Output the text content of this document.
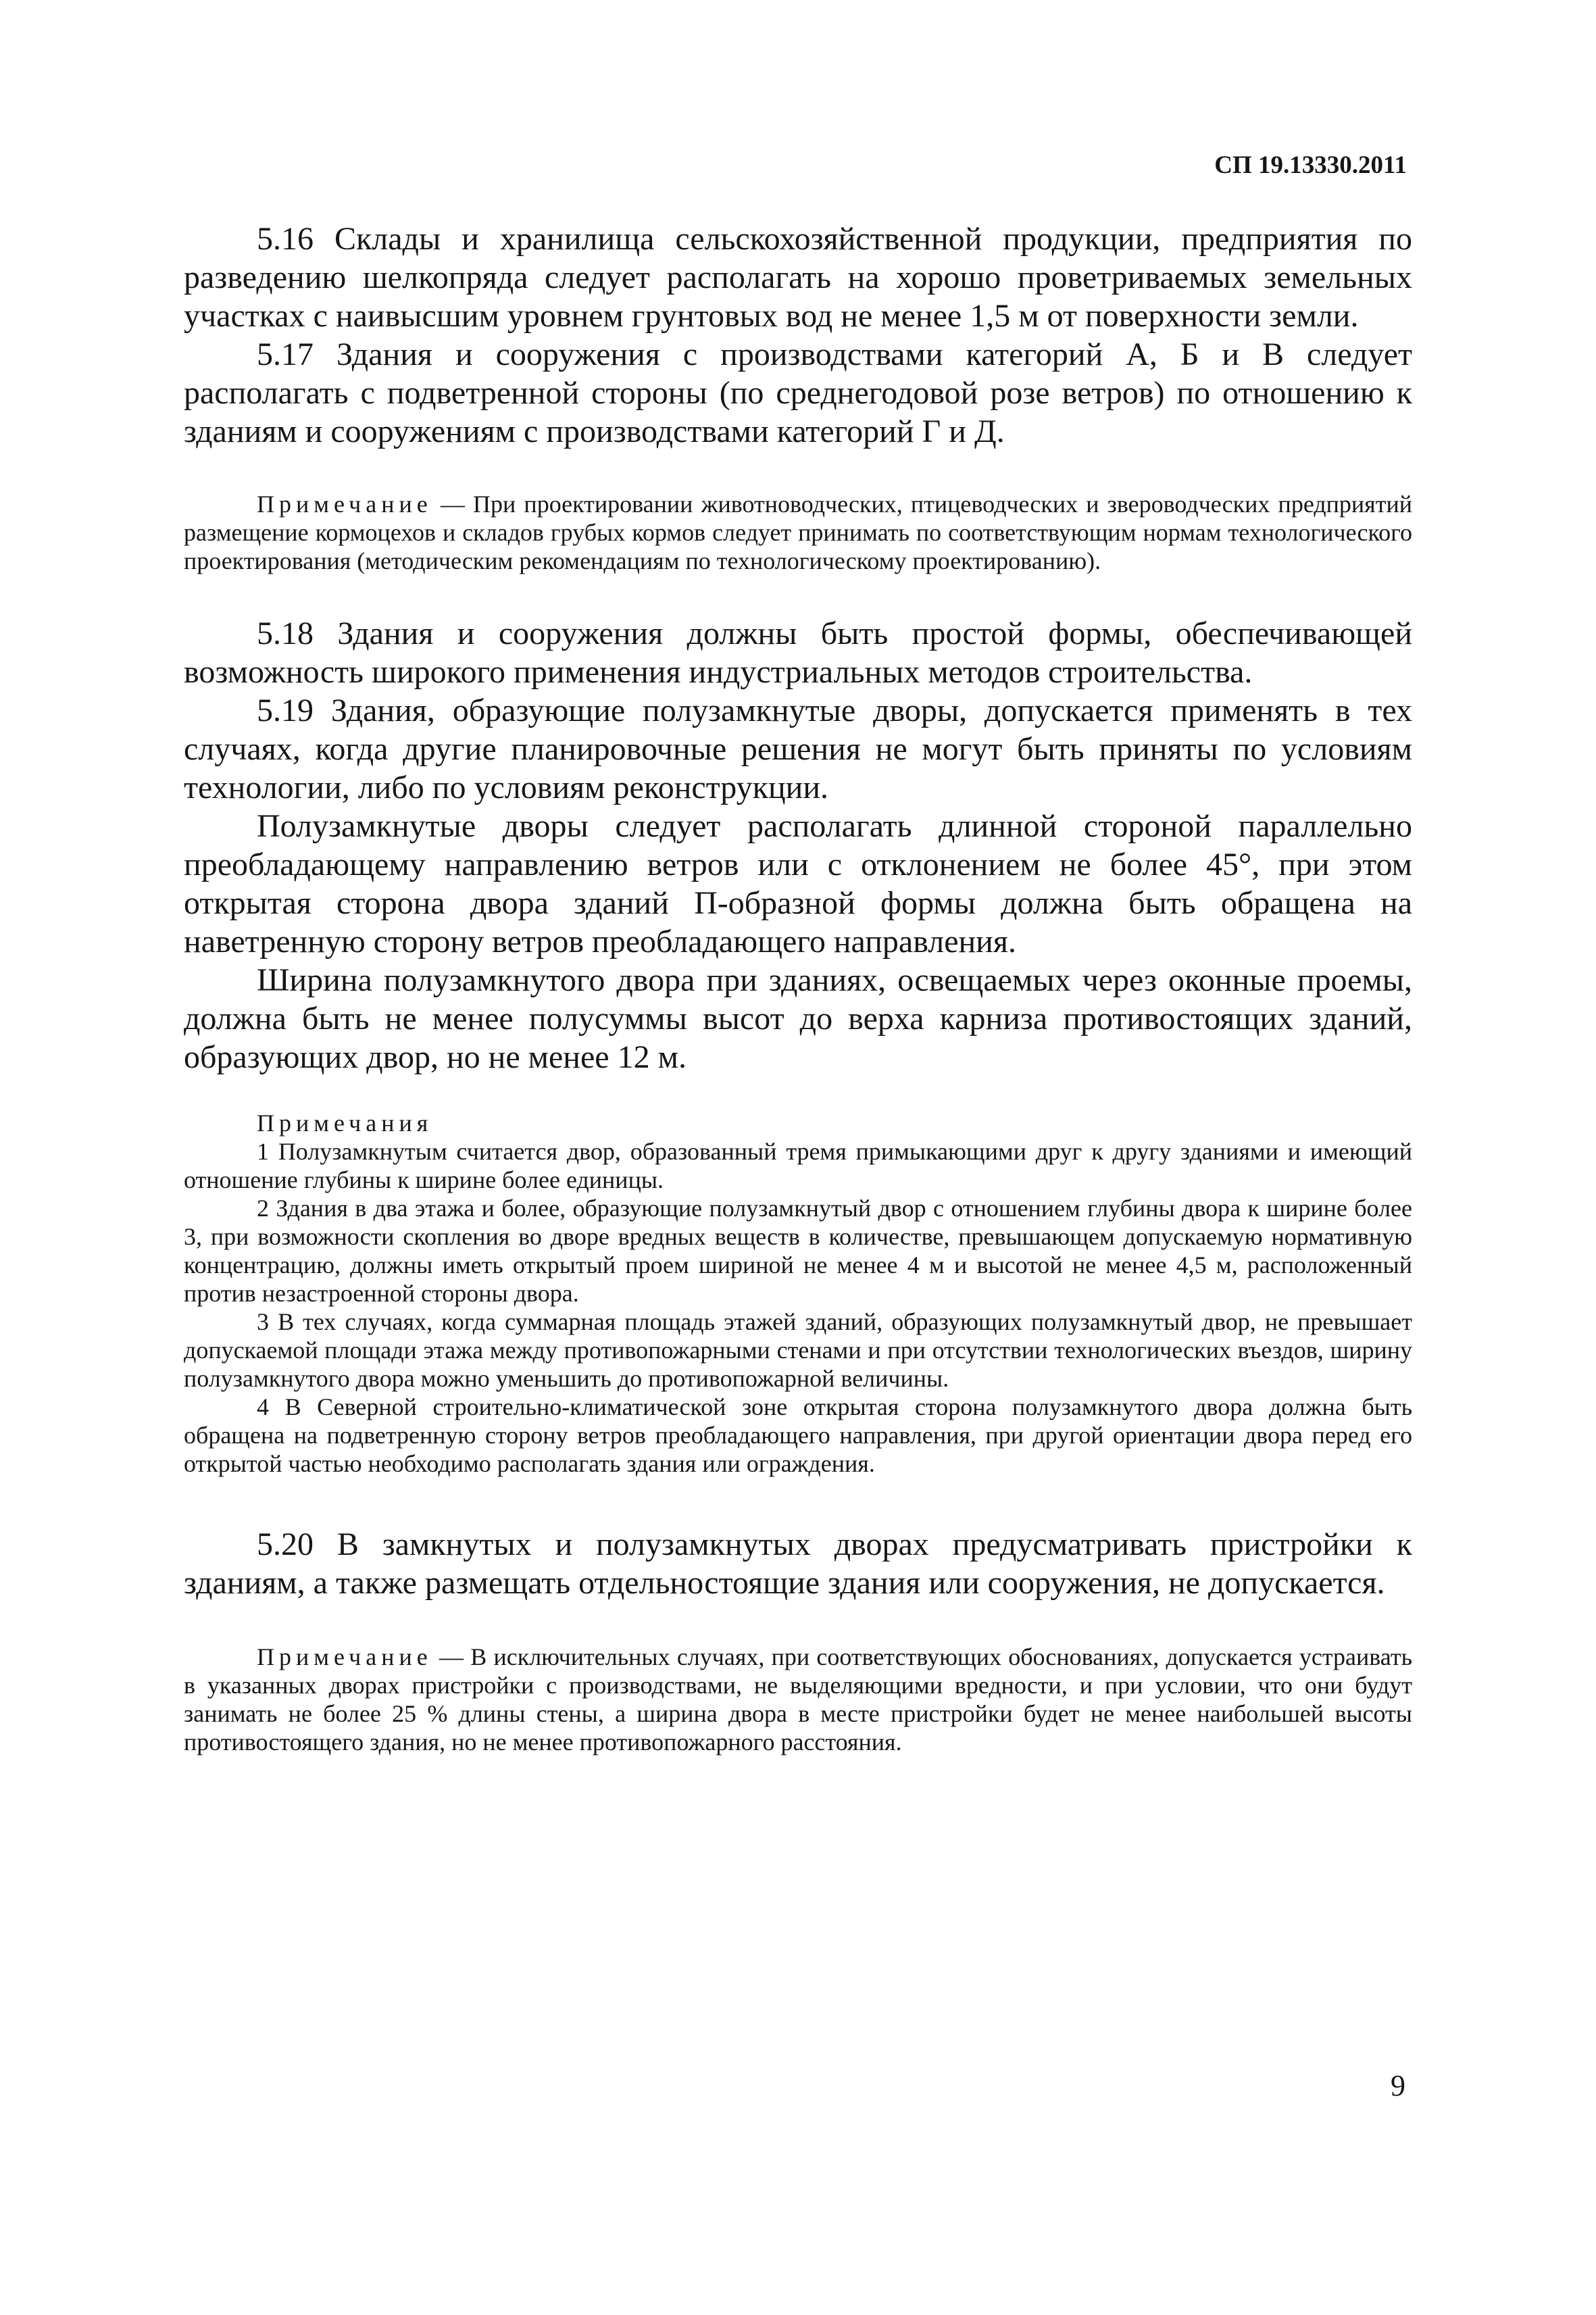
СП 19.13330.2011

5.16 Склады и хранилища сельскохозяйственной продукции, предприятия по разведению шелкопряда следует располагать на хорошо проветриваемых земельных участках с наивысшим уровнем грунтовых вод не менее 1,5 м от поверхности земли.

5.17 Здания и сооружения с производствами категорий А, Б и В следует располагать с подветренной стороны (по среднегодовой розе ветров) по отношению к зданиям и сооружениям с производствами категорий Г и Д.

Примечание — При проектировании животноводческих, птицеводческих и звероводческих предприятий размещение кормоцехов и складов грубых кормов следует принимать по соответствующим нормам технологического проектирования (методическим рекомендациям по технологическому проектированию).

5.18 Здания и сооружения должны быть простой формы, обеспечивающей возможность широкого применения индустриальных методов строительства.

5.19 Здания, образующие полузамкнутые дворы, допускается применять в тех случаях, когда другие планировочные решения не могут быть приняты по условиям технологии, либо по условиям реконструкции.

Полузамкнутые дворы следует располагать длинной стороной параллельно преобладающему направлению ветров или с отклонением не более 45°, при этом открытая сторона двора зданий П-образной формы должна быть обращена на наветренную сторону ветров преобладающего направления.

Ширина полузамкнутого двора при зданиях, освещаемых через оконные проемы, должна быть не менее полусуммы высот до верха карниза противостоящих зданий, образующих двор, но не менее 12 м.

Примечания

1 Полузамкнутым считается двор, образованный тремя примыкающими друг к другу зданиями и имеющий отношение глубины к ширине более единицы.

2 Здания в два этажа и более, образующие полузамкнутый двор с отношением глубины двора к ширине более 3, при возможности скопления во дворе вредных веществ в количестве, превышающем допускаемую нормативную концентрацию, должны иметь открытый проем шириной не менее 4 м и высотой не менее 4,5 м, расположенный против незастроенной стороны двора.

3 В тех случаях, когда суммарная площадь этажей зданий, образующих полузамкнутый двор, не превышает допускаемой площади этажа между противопожарными стенами и при отсутствии технологических въездов, ширину полузамкнутого двора можно уменьшить до противопожарной величины.

4 В Северной строительно-климатической зоне открытая сторона полузамкнутого двора должна быть обращена на подветренную сторону ветров преобладающего направления, при другой ориентации двора перед его открытой частью необходимо располагать здания или ограждения.

5.20 В замкнутых и полузамкнутых дворах предусматривать пристройки к зданиям, а также размещать отдельностоящие здания или сооружения, не допускается.

Примечание — В исключительных случаях, при соответствующих обоснованиях, допускается устраивать в указанных дворах пристройки с производствами, не выделяющими вредности, и при условии, что они будут занимать не более 25 % длины стены, а ширина двора в месте пристройки будет не менее наибольшей высоты противостоящего здания, но не менее противопожарного расстояния.

9
